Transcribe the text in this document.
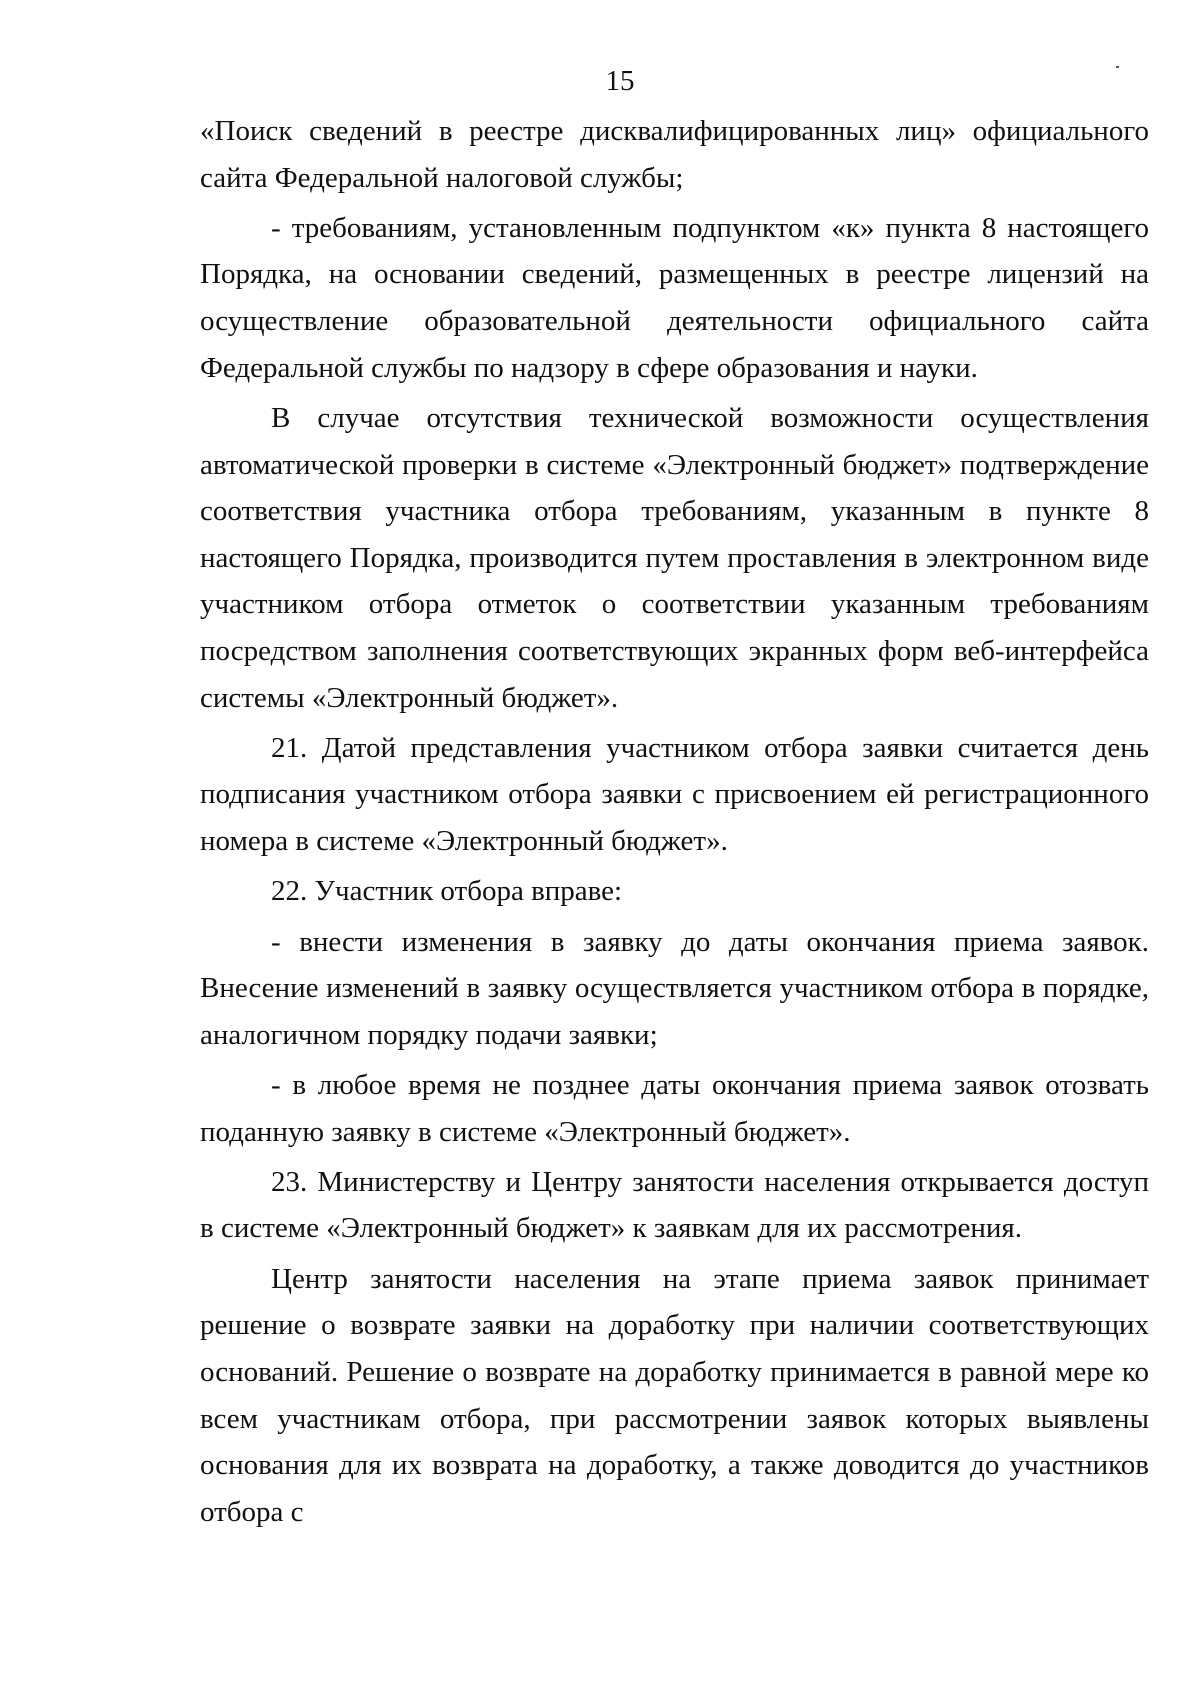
15

«Поиск сведений в реестре дисквалифицированных лиц» официального сайта Федеральной налоговой службы;

- требованиям, установленным подпунктом «к» пункта 8 настоящего Порядка, на основании сведений, размещенных в реестре лицензий на осуществление образовательной деятельности официального сайта Федеральной службы по надзору в сфере образования и науки.

В случае отсутствия технической возможности осуществления автоматической проверки в системе «Электронный бюджет» подтверждение соответствия участника отбора требованиям, указанным в пункте 8 настоящего Порядка, производится путем проставления в электронном виде участником отбора отметок о соответствии указанным требованиям посредством заполнения соответствующих экранных форм веб-интерфейса системы «Электронный бюджет».

21. Датой представления участником отбора заявки считается день подписания участником отбора заявки с присвоением ей регистрационного номера в системе «Электронный бюджет».

22. Участник отбора вправе:

- внести изменения в заявку до даты окончания приема заявок. Внесение изменений в заявку осуществляется участником отбора в порядке, аналогичном порядку подачи заявки;

- в любое время не позднее даты окончания приема заявок отозвать поданную заявку в системе «Электронный бюджет».

23. Министерству и Центру занятости населения открывается доступ в системе «Электронный бюджет» к заявкам для их рассмотрения.

Центр занятости населения на этапе приема заявок принимает решение о возврате заявки на доработку при наличии соответствующих оснований. Решение о возврате на доработку принимается в равной мере ко всем участникам отбора, при рассмотрении заявок которых выявлены основания для их возврата на доработку, а также доводится до участников отбора с
